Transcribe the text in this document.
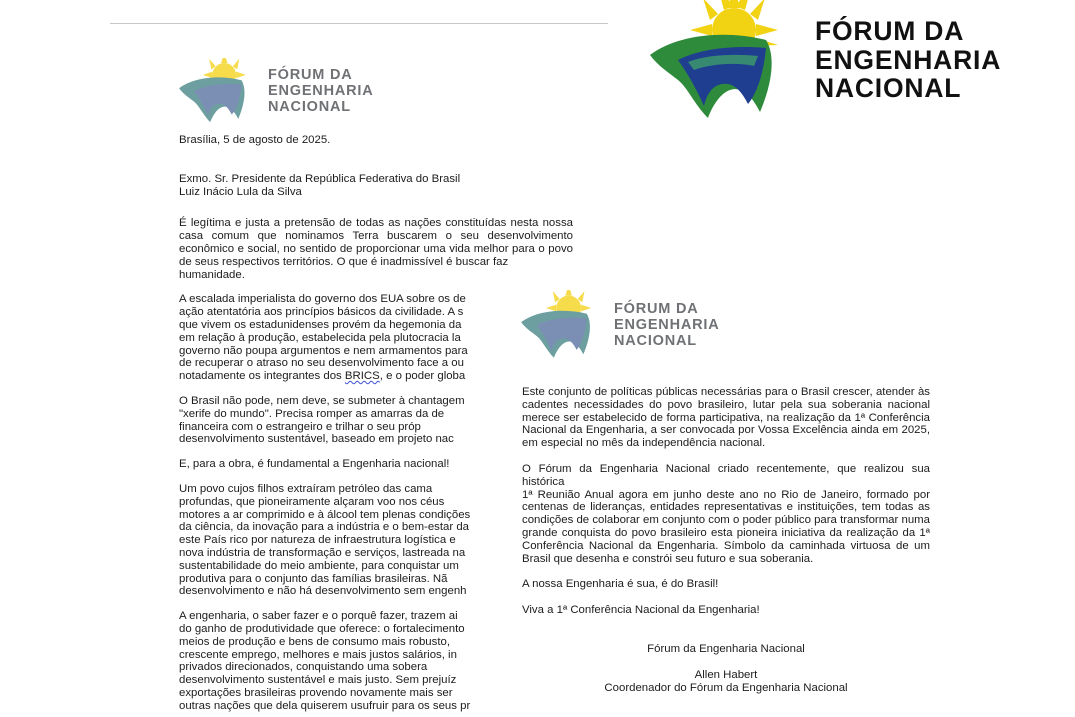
FÓRUM DA
ENGENHARIA
NACIONAL
FÓRUM DA
ENGENHARIA
NACIONAL

Brasília, 5 de agosto de 2025.

Exmo. Sr. Presidente da República Federativa do Brasil

Luiz Inácio Lula da Silva

É legítima e justa a pretensão de todas as nações constituídas nesta nossa casa comum que nominamos Terra buscarem o seu desenvolvimento econômico e social, no sentido de proporcionar uma vida melhor para o povo de seus respectivos territórios. O que é inadmissível é buscar faz

humanidade.

A escalada imperialista do governo dos EUA sobre os de

ação atentatória aos princípios básicos da civilidade. A s

que vivem os estadunidenses provém da hegemonia da

em relação à produção, estabelecida pela plutocracia la

governo não poupa argumentos e nem armamentos para

de recuperar o atraso no seu desenvolvimento face a ou

notadamente os integrantes dos BRICS, e o poder globa

O Brasil não pode, nem deve, se submeter à chantagem

"xerife do mundo". Precisa romper as amarras da de

financeira com o estrangeiro e trilhar o seu próp

desenvolvimento sustentável, baseado em projeto nac

E, para a obra, é fundamental a Engenharia nacional!

Um povo cujos filhos extraíram petróleo das cama

profundas, que pioneiramente alçaram voo nos céus

motores a ar comprimido e à álcool tem plenas condições

da ciência, da inovação para a indústria e o bem-estar da

este País rico por natureza de infraestrutura logística e

nova indústria de transformação e serviços, lastreada na

sustentabilidade do meio ambiente, para conquistar um

produtiva para o conjunto das famílias brasileiras. Nã

desenvolvimento e não há desenvolvimento sem engenh

A engenharia, o saber fazer e o porquê fazer, trazem ai

do ganho de produtividade que oferece: o fortalecimento

meios de produção e bens de consumo mais robusto,

crescente emprego, melhores e mais justos salários, in

privados direcionados, conquistando uma sobera

desenvolvimento sustentável e mais justo. Sem prejuíz

exportações brasileiras provendo novamente mais ser

outras nações que dela quiserem usufruir para os seus pr

Este conjunto de políticas públicas necessárias para o Brasil crescer, atender às cadentes necessidades do povo brasileiro, lutar pela sua soberania nacional merece ser estabelecido de forma participativa, na realização da 1ª Conferência Nacional da Engenharia, a ser convocada por Vossa Excelência ainda em 2025, em especial no mês da independência nacional.

O Fórum da Engenharia Nacional criado recentemente, que realizou sua histórica

1ª Reunião Anual agora em junho deste ano no Rio de Janeiro, formado por centenas de lideranças, entidades representativas e instituições, tem todas as condições de colaborar em conjunto com o poder público para transformar numa grande conquista do povo brasileiro esta pioneira iniciativa da realização da 1ª Conferência Nacional da Engenharia. Símbolo da caminhada virtuosa de um Brasil que desenha e constrói seu futuro e sua soberania.

A nossa Engenharia é sua, é do Brasil!

Viva a 1ª Conferência Nacional da Engenharia!

Fórum da Engenharia Nacional

Allen Habert

Coordenador do Fórum da Engenharia Nacional

FÓRUM DA
ENGENHARIA
NACIONAL
